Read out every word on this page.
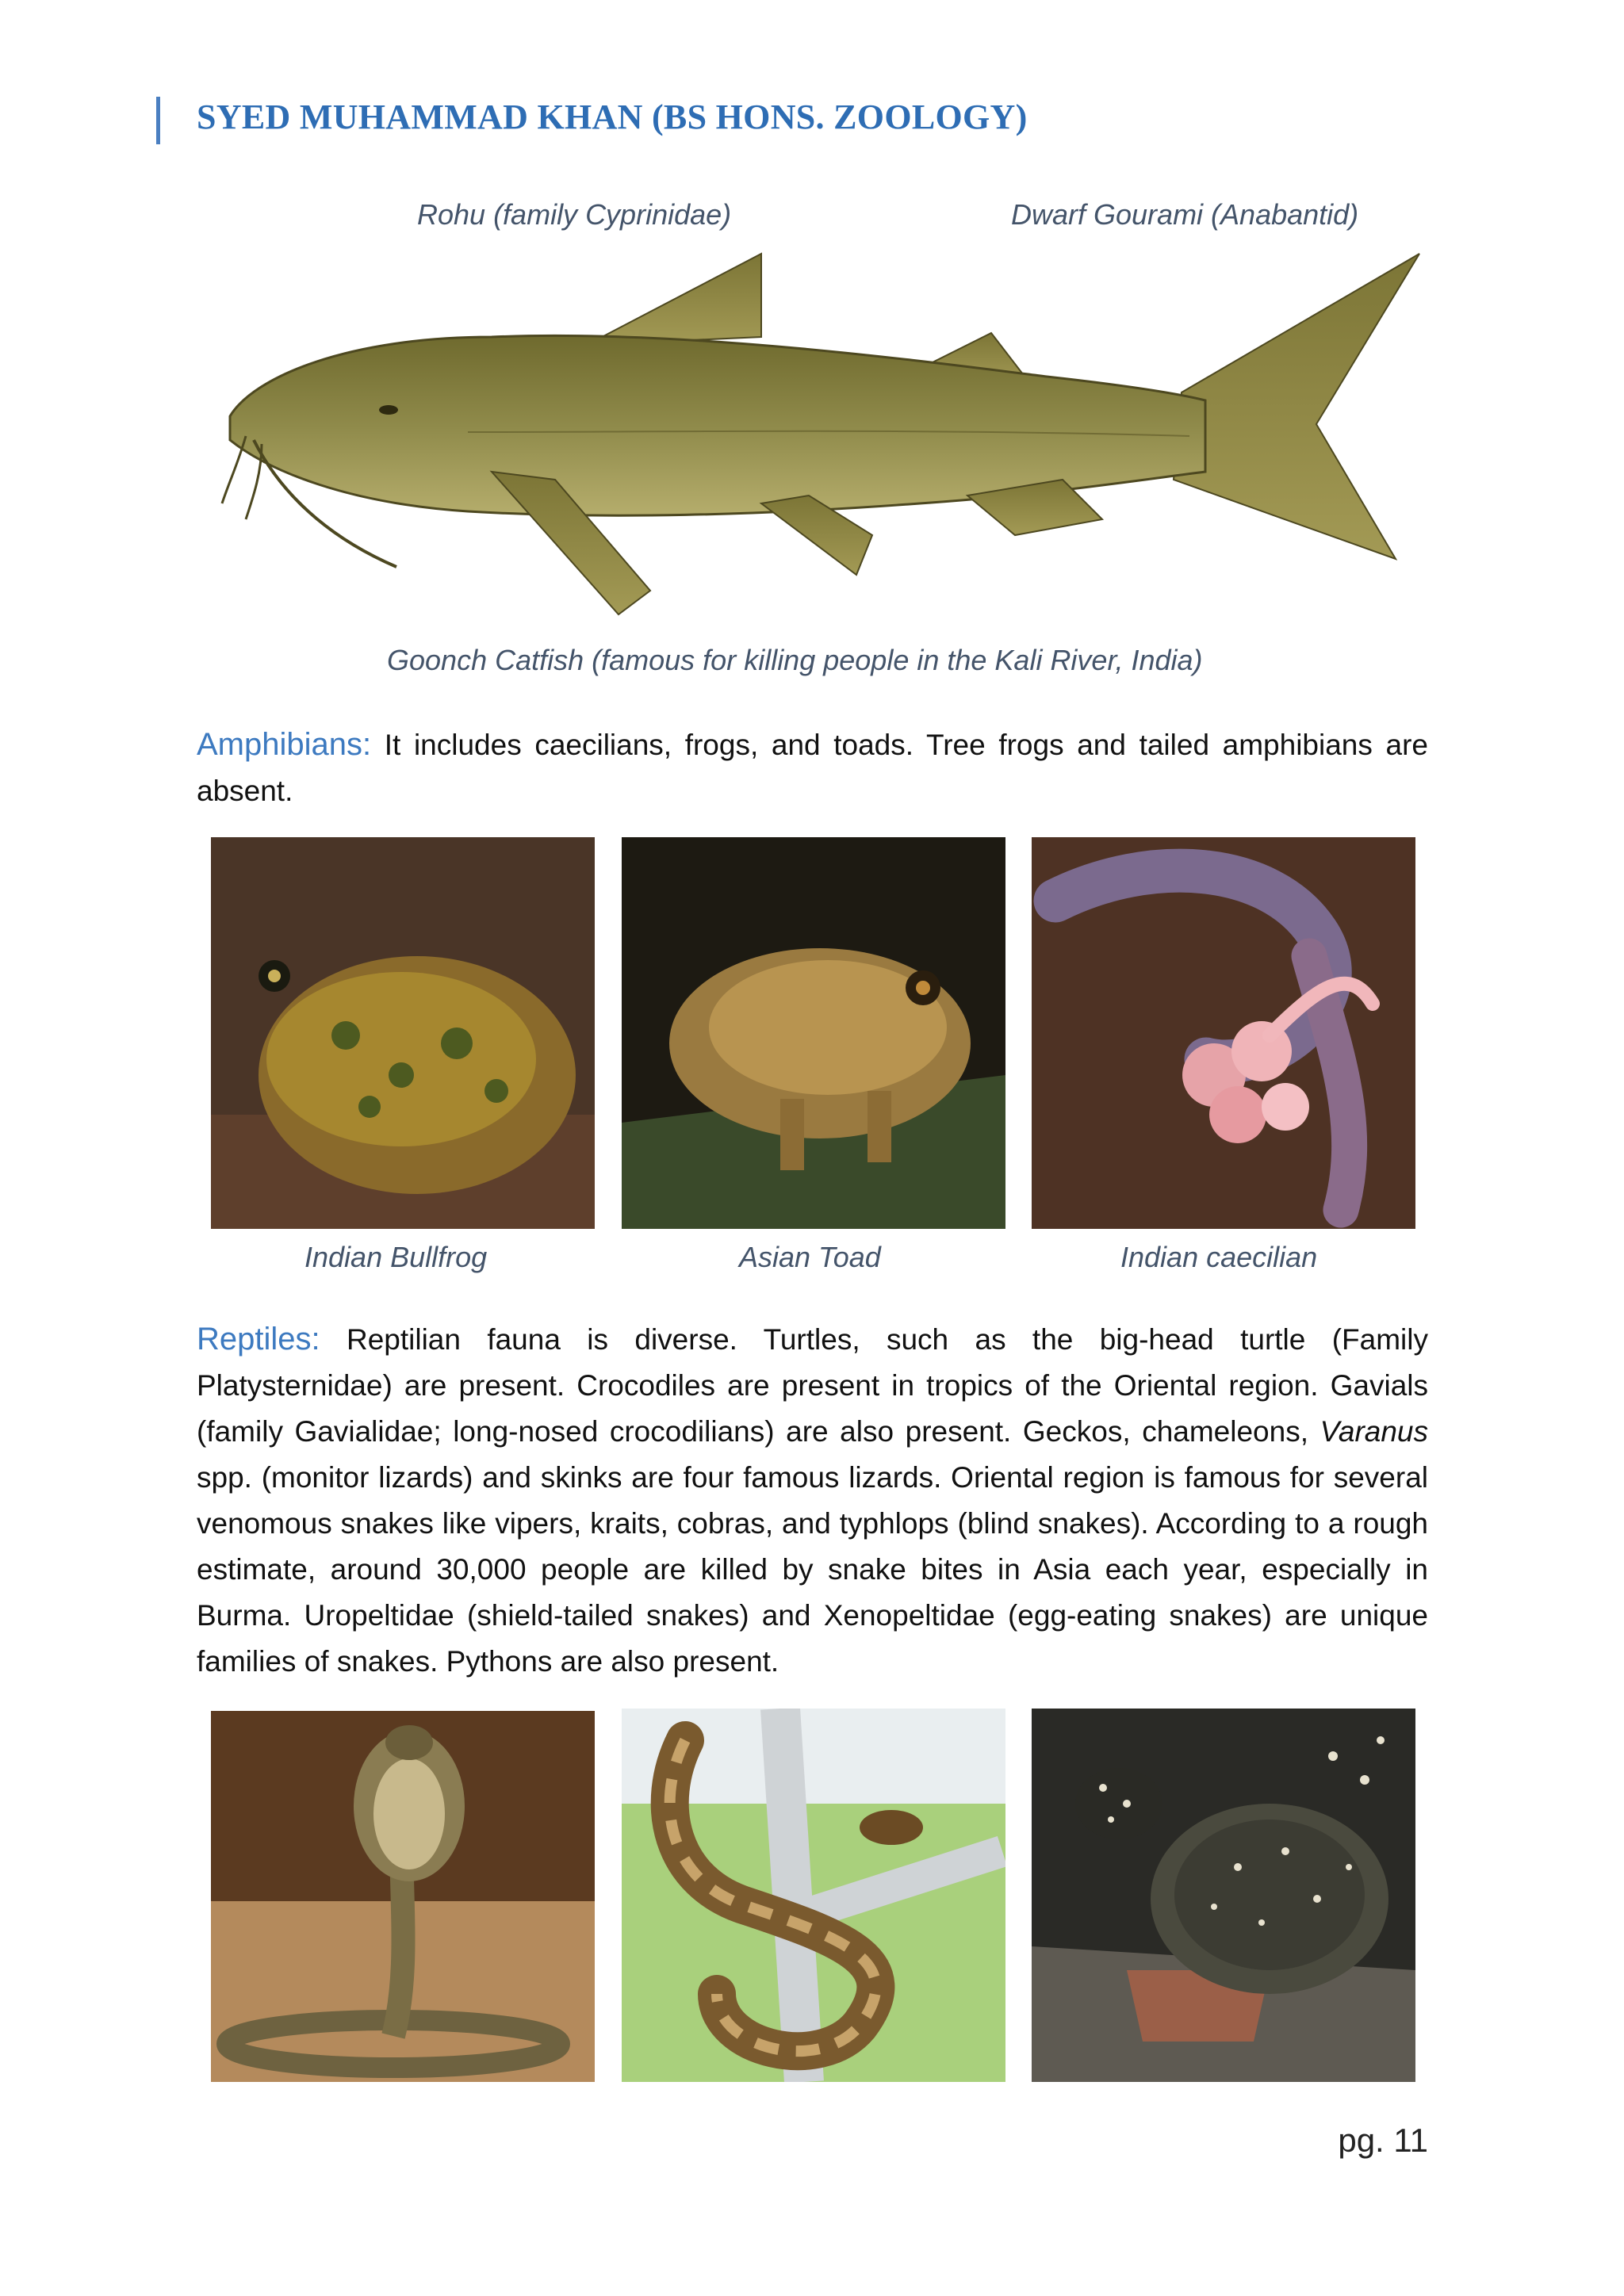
SYED MUHAMMAD KHAN (BS HONS. ZOOLOGY)
Rohu (family Cyprinidae)	Dwarf Gourami (Anabantid)
Goonch Catfish (famous for killing people in the Kali River, India)
Amphibians: It includes caecilians, frogs, and toads. Tree frogs and tailed amphibians are absent.
Indian Bullfrog	Asian Toad	Indian caecilian
Reptiles: Reptilian fauna is diverse. Turtles, such as the big-head turtle (Family Platysternidae) are present. Crocodiles are present in tropics of the Oriental region. Gavials (family Gavialidae; long-nosed crocodilians) are also present. Geckos, chameleons, Varanus spp. (monitor lizards) and skinks are four famous lizards. Oriental region is famous for several venomous snakes like vipers, kraits, cobras, and typhlops (blind snakes). According to a rough estimate, around 30,000 people are killed by snake bites in Asia each year, especially in Burma. Uropeltidae (shield-tailed snakes) and Xenopeltidae (egg-eating snakes) are unique families of snakes. Pythons are also present.
pg. 11
